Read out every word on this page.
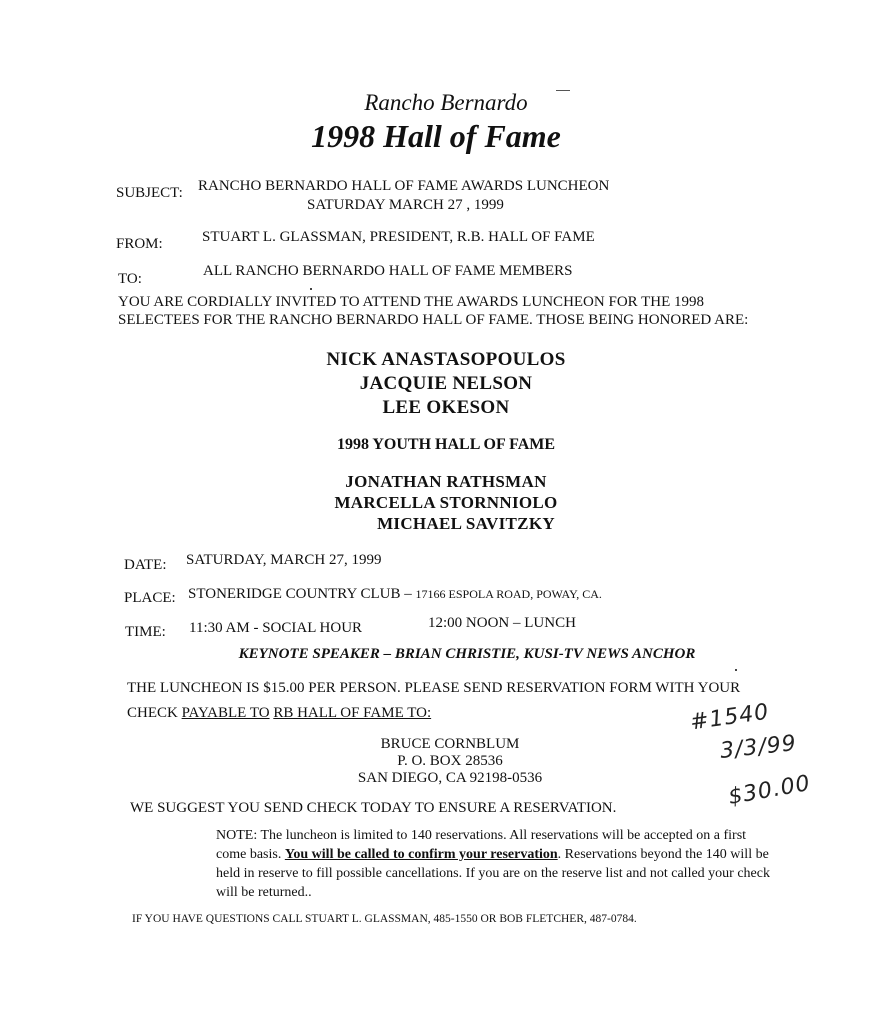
Rancho Bernardo
1998 Hall of Fame
SUBJECT: RANCHO BERNARDO HALL OF FAME AWARDS LUNCHEON
SATURDAY MARCH 27 , 1999
FROM:	STUART L. GLASSMAN, PRESIDENT, R.B. HALL OF FAME
TO:	ALL RANCHO BERNARDO HALL OF FAME MEMBERS
YOU ARE CORDIALLY INVITED TO ATTEND THE AWARDS LUNCHEON FOR THE 1998
SELECTEES FOR THE RANCHO BERNARDO HALL OF FAME. THOSE BEING HONORED ARE:
NICK ANASTASOPOULOS
JACQUIE NELSON
LEE OKESON
1998 YOUTH HALL OF FAME
JONATHAN RATHSMAN
MARCELLA STORNNIOLO
MICHAEL SAVITZKY
DATE: SATURDAY, MARCH 27, 1999
PLACE: STONERIDGE COUNTRY CLUB – 17166 ESPOLA ROAD, POWAY, CA.
TIME: 11:30 AM - SOCIAL HOUR	12:00 NOON – LUNCH
KEYNOTE SPEAKER – BRIAN CHRISTIE, KUSI-TV NEWS ANCHOR
THE LUNCHEON IS $15.00 PER PERSON. PLEASE SEND RESERVATION FORM WITH YOUR
CHECK PAYABLE TO RB HALL OF FAME TO:
BRUCE CORNBLUM
P. O. BOX 28536
SAN DIEGO, CA 92198-0536
#1540
3/3/99
$30.00
WE SUGGEST YOU SEND CHECK TODAY TO ENSURE A RESERVATION.
NOTE: The luncheon is limited to 140 reservations. All reservations will be accepted on a first come basis. You will be called to confirm your reservation. Reservations beyond the 140 will be held in reserve to fill possible cancellations. If you are on the reserve list and not called your check will be returned..
IF YOU HAVE QUESTIONS CALL STUART L. GLASSMAN, 485-1550 OR BOB FLETCHER, 487-0784.
